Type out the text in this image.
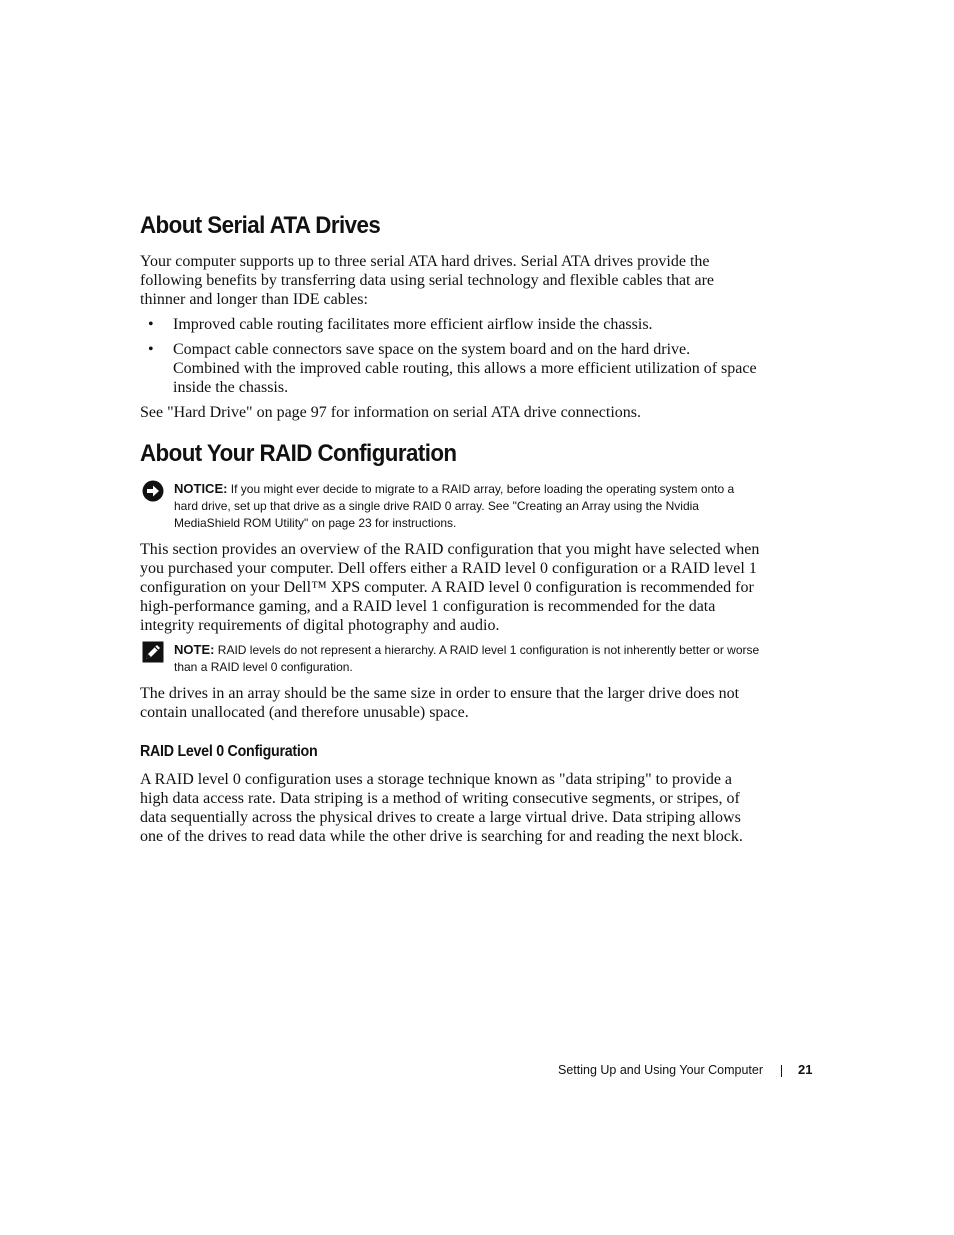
About Serial ATA Drives

Your computer supports up to three serial ATA hard drives. Serial ATA drives provide the following benefits by transferring data using serial technology and flexible cables that are thinner and longer than IDE cables:

• Improved cable routing facilitates more efficient airflow inside the chassis.
• Compact cable connectors save space on the system board and on the hard drive. Combined with the improved cable routing, this allows a more efficient utilization of space inside the chassis.

See "Hard Drive" on page 97 for information on serial ATA drive connections.

About Your RAID Configuration
NOTICE: If you might ever decide to migrate to a RAID array, before loading the operating system onto a hard drive, set up that drive as a single drive RAID 0 array. See "Creating an Array using the Nvidia MediaShield ROM Utility" on page 23 for instructions.

This section provides an overview of the RAID configuration that you might have selected when you purchased your computer. Dell offers either a RAID level 0 configuration or a RAID level 1 configuration on your Dell™ XPS computer. A RAID level 0 configuration is recommended for high-performance gaming, and a RAID level 1 configuration is recommended for the data integrity requirements of digital photography and audio.

NOTE: RAID levels do not represent a hierarchy. A RAID level 1 configuration is not inherently better or worse than a RAID level 0 configuration.

The drives in an array should be the same size in order to ensure that the larger drive does not contain unallocated (and therefore unusable) space.

RAID Level 0 Configuration

A RAID level 0 configuration uses a storage technique known as "data striping" to provide a high data access rate. Data striping is a method of writing consecutive segments, or stripes, of data sequentially across the physical drives to create a large virtual drive. Data striping allows one of the drives to read data while the other drive is searching for and reading the next block.

Setting Up and Using Your Computer	21
